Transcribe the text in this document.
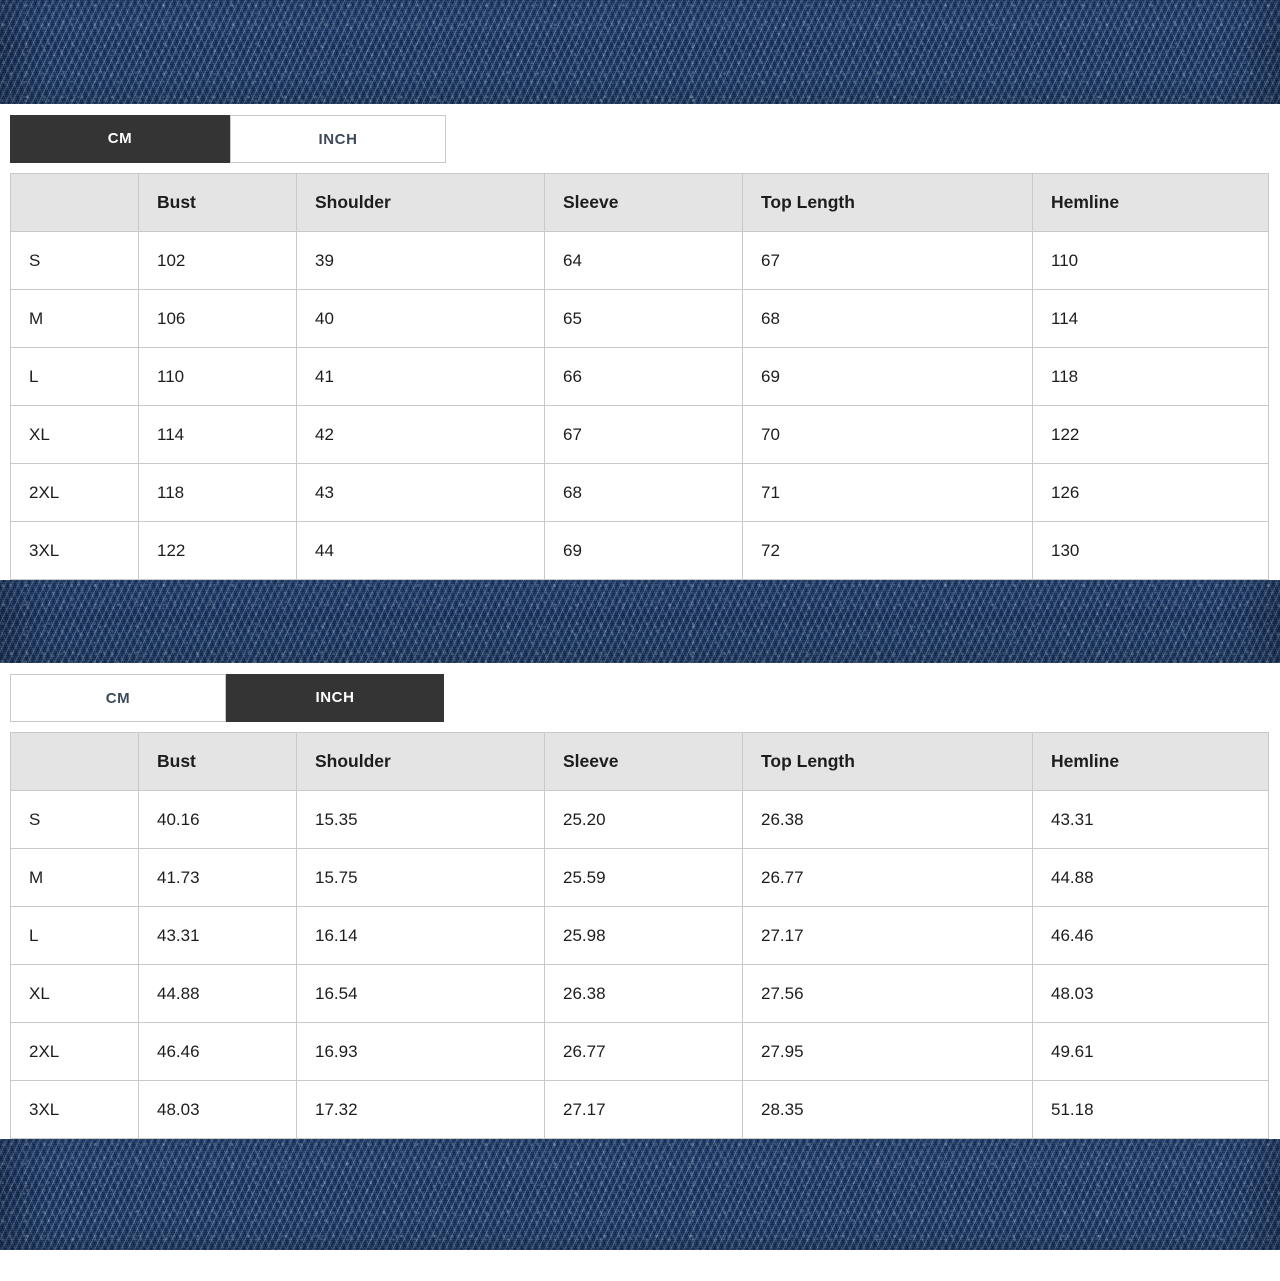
CM	INCH
	Bust	Shoulder	Sleeve	Top Length	Hemline
S	102	39	64	67	110
M	106	40	65	68	114
L	110	41	66	69	118
XL	114	42	67	70	122
2XL	118	43	68	71	126
3XL	122	44	69	72	130
CM	INCH
	Bust	Shoulder	Sleeve	Top Length	Hemline
S	40.16	15.35	25.20	26.38	43.31
M	41.73	15.75	25.59	26.77	44.88
L	43.31	16.14	25.98	27.17	46.46
XL	44.88	16.54	26.38	27.56	48.03
2XL	46.46	16.93	26.77	27.95	49.61
3XL	48.03	17.32	27.17	28.35	51.18
